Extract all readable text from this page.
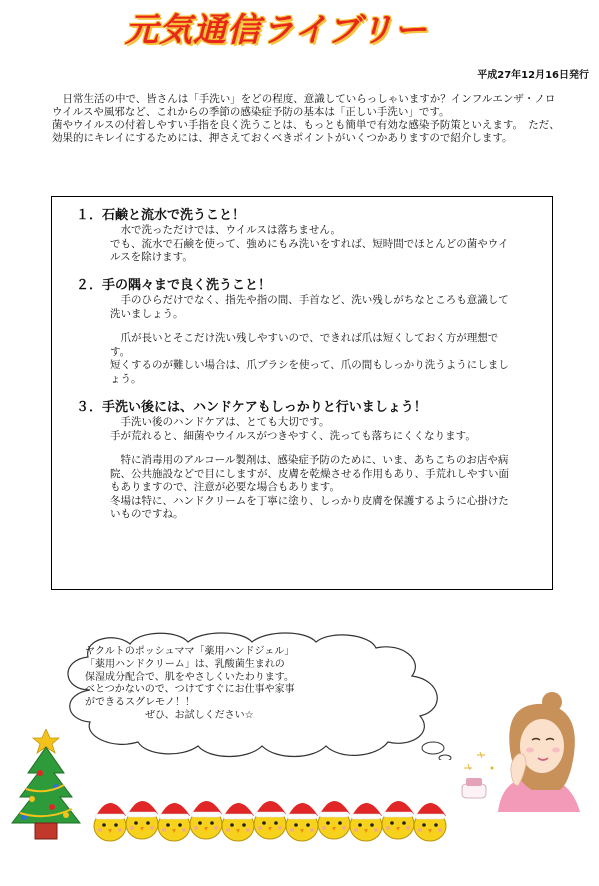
元気通信ライブリー
平成27年12月16日発行

日常生活の中で、皆さんは「手洗い」をどの程度、意識していらっしゃいますか？インフルエンザ・ノロウイルスや風邪など、これからの季節の感染症予防の基本は「正しい手洗い」です。

菌やウイルスの付着しやすい手指を良く洗うことは、もっとも簡単で有効な感染予防策といえます。　ただ、効果的にキレイにするためには、押さえておくべきポイントがいくつかありますので紹介します。

１．石鹸と流水で洗うこと！

水で洗っただけでは、ウイルスは落ちません。

でも、流水で石鹸を使って、強めにもみ洗いをすれば、短時間でほとんどの菌やウイルスを除けます。

２．手の隅々まで良く洗うこと！

手のひらだけでなく、指先や指の間、手首など、洗い残しがちなところも意識して洗いましょう。

爪が長いとそこだけ洗い残しやすいので、できれば爪は短くしておく方が理想です。

短くするのが難しい場合は、爪ブラシを使って、爪の間もしっかり洗うようにしましょう。

３．手洗い後には、ハンドケアもしっかりと行いましょう！

手洗い後のハンドケアは、とても大切です。

手が荒れると、細菌やウイルスがつきやすく、洗っても落ちにくくなります。

特に消毒用のアルコール製剤は、感染症予防のために、いま、あちこちのお店や病院、公共施設などで目にしますが、皮膚を乾燥させる作用もあり、手荒れしやすい面もありますので、注意が必要な場合もあります。

冬場は特に、ハンドクリームを丁寧に塗り、しっかり皮膚を保護するように心掛けたいものですね。

ヤクルトのポッシュママ「薬用ハンドジェル」

「薬用ハンドクリーム」は、乳酸菌生まれの

保湿成分配合で、肌をやさしくいたわります。

べとつかないので、つけてすぐにお仕事や家事

ができるスグレモノ！！

ぜひ、お試しください☆
